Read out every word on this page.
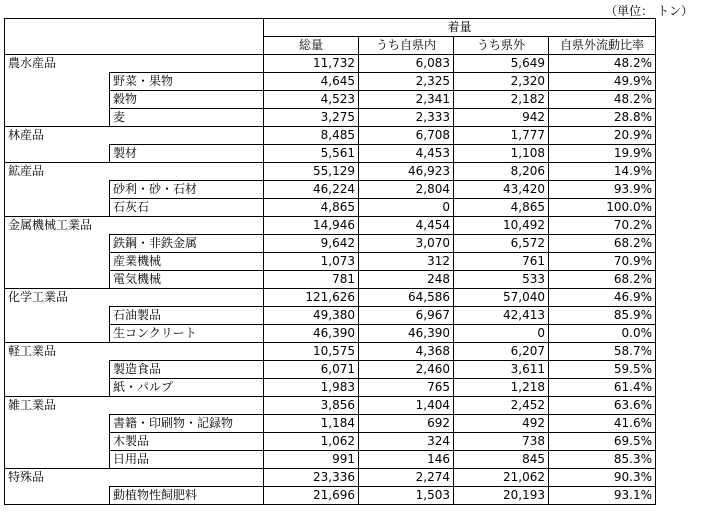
（単位： トン）
		着量			
		総量	うち自県内	うち県外	自県外流動比率
農水産品		11,732	6,083	5,649	48.2%
	野菜・果物	4,645	2,325	2,320	49.9%
	穀物	4,523	2,341	2,182	48.2%
	麦	3,275	2,333	942	28.8%
林産品		8,485	6,708	1,777	20.9%
	製材	5,561	4,453	1,108	19.9%
鉱産品		55,129	46,923	8,206	14.9%
	砂利・砂・石材	46,224	2,804	43,420	93.9%
	石灰石	4,865	0	4,865	100.0%
金属機械工業品		14,946	4,454	10,492	70.2%
	鉄鋼・非鉄金属	9,642	3,070	6,572	68.2%
	産業機械	1,073	312	761	70.9%
	電気機械	781	248	533	68.2%
化学工業品		121,626	64,586	57,040	46.9%
	石油製品	49,380	6,967	42,413	85.9%
	生コンクリート	46,390	46,390	0	0.0%
軽工業品		10,575	4,368	6,207	58.7%
	製造食品	6,071	2,460	3,611	59.5%
	紙・パルプ	1,983	765	1,218	61.4%
雑工業品		3,856	1,404	2,452	63.6%
	書籍・印刷物・記録物	1,184	692	492	41.6%
	木製品	1,062	324	738	69.5%
	日用品	991	146	845	85.3%
特殊品		23,336	2,274	21,062	90.3%
	動植物性飼肥料	21,696	1,503	20,193	93.1%
